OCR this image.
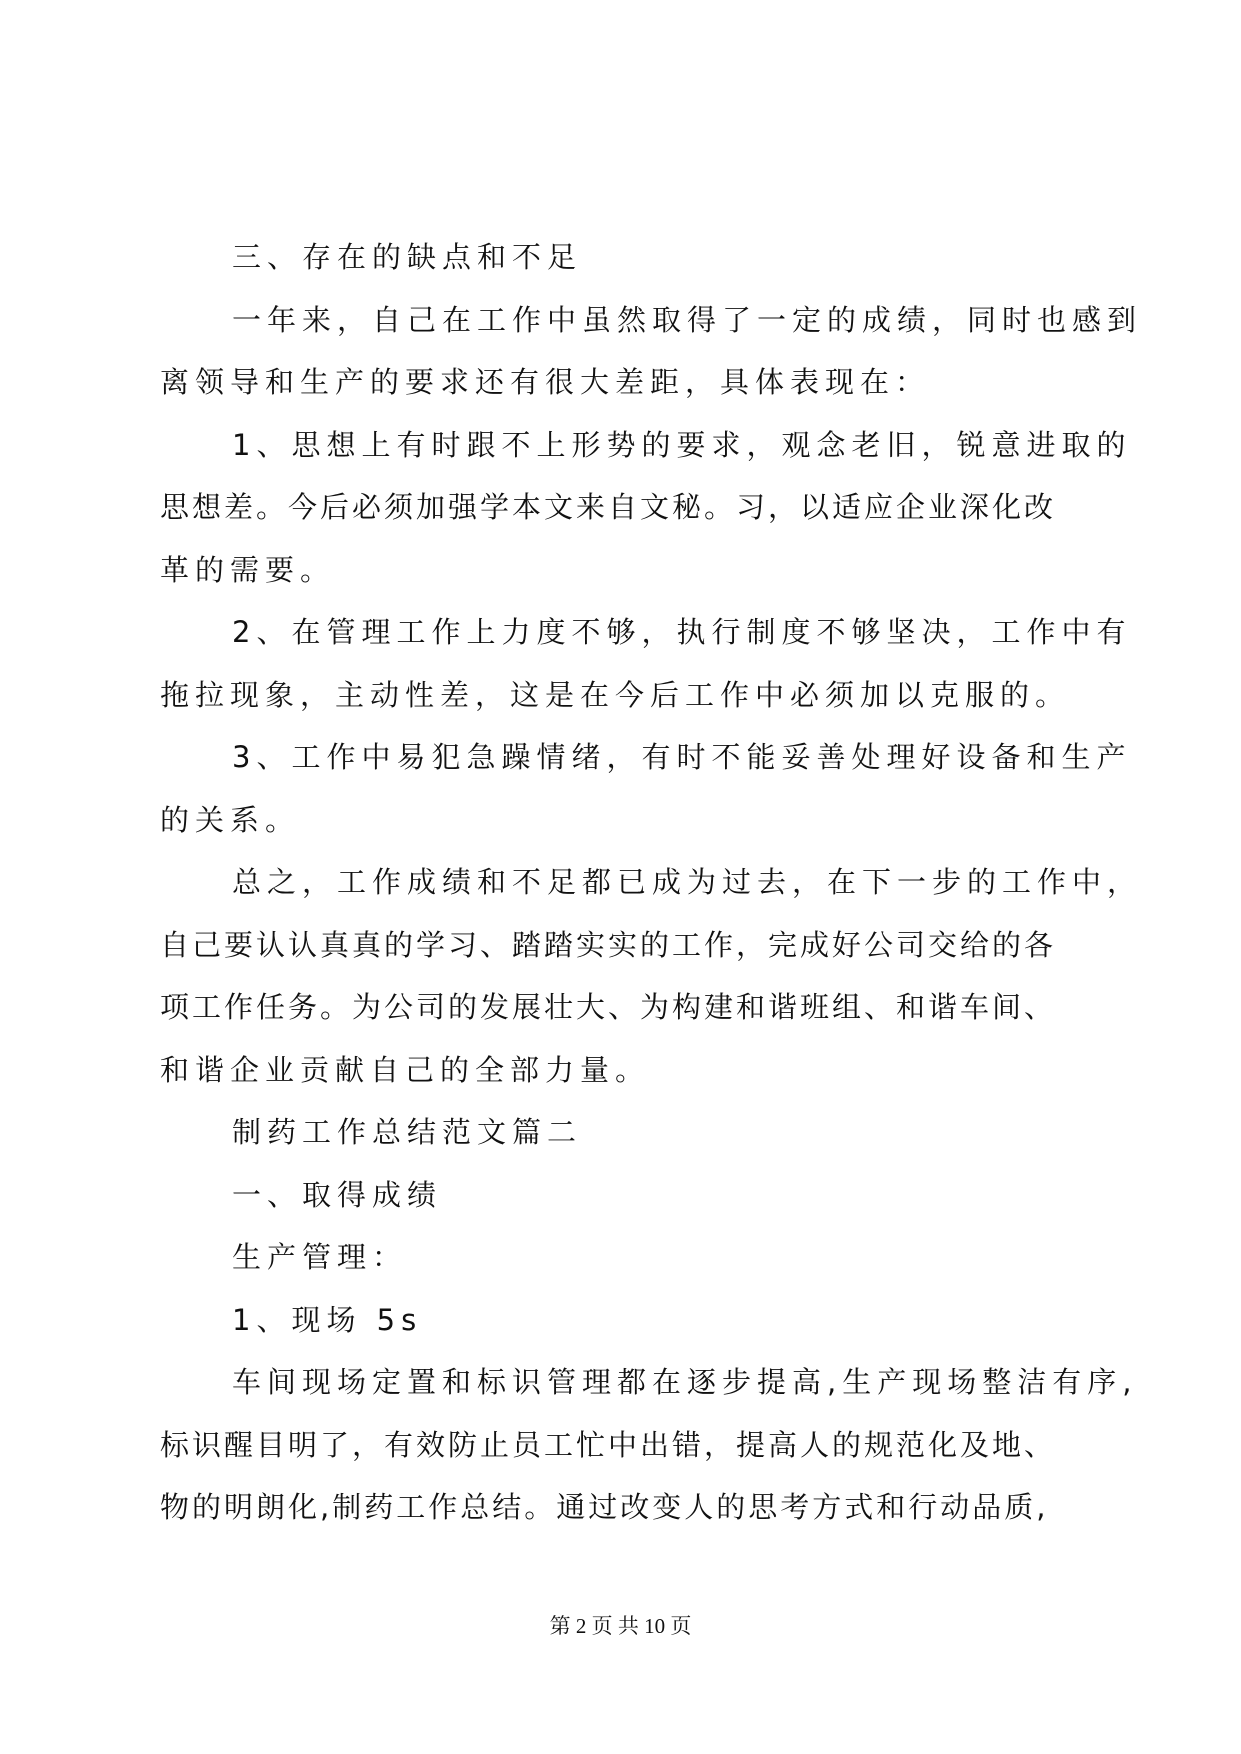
三、存在的缺点和不足
一年来，自己在工作中虽然取得了一定的成绩，同时也感到
离领导和生产的要求还有很大差距，具体表现在：
1、思想上有时跟不上形势的要求，观念老旧，锐意进取的
思想差。今后必须加强学本文来自文秘。习，以适应企业深化改
革的需要。
2、在管理工作上力度不够，执行制度不够坚决，工作中有
拖拉现象，主动性差，这是在今后工作中必须加以克服的。
3、工作中易犯急躁情绪，有时不能妥善处理好设备和生产
的关系。
总之，工作成绩和不足都已成为过去，在下一步的工作中，
自己要认认真真的学习、踏踏实实的工作，完成好公司交给的各
项工作任务。为公司的发展壮大、为构建和谐班组、和谐车间、
和谐企业贡献自己的全部力量。
制药工作总结范文篇二
一、取得成绩
生产管理：
1、现场 5s
车间现场定置和标识管理都在逐步提高,生产现场整洁有序,
标识醒目明了，有效防止员工忙中出错，提高人的规范化及地、
物的明朗化,制药工作总结。通过改变人的思考方式和行动品质,
第 2 页 共 10 页
